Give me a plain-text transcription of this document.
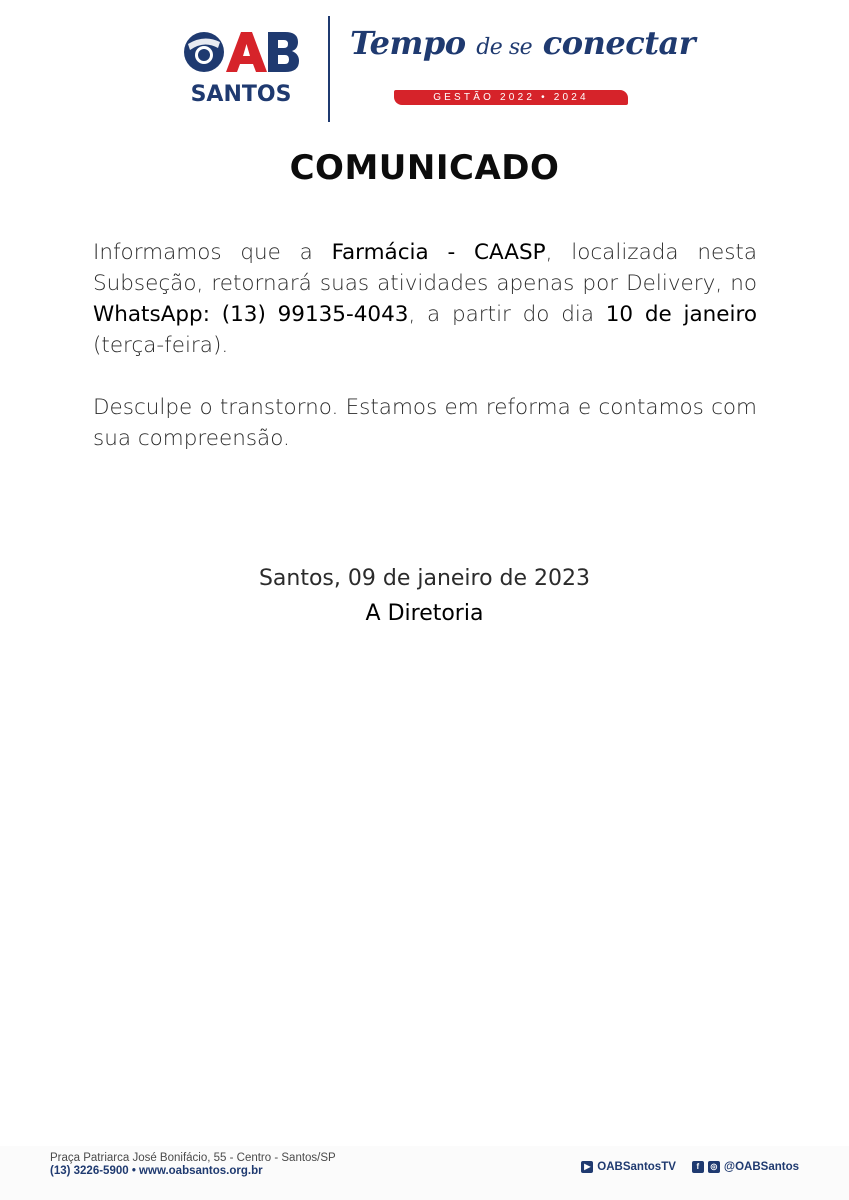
SANTOS
Tempo de se conectar
GESTÃO 2022 • 2024
COMUNICADO
Informamos que a Farmácia - CAASP, localizada nesta Subseção, retornará suas atividades apenas por Delivery, no WhatsApp: (13) 99135-4043, a partir do dia 10 de janeiro (terça-feira).
Desculpe o transtorno. Estamos em reforma e contamos com sua compreensão.
Santos, 09 de janeiro de 2023
A Diretoria
Praça Patriarca José Bonifácio, 55 - Centro - Santos/SP
(13) 3226-5900 • www.oabsantos.org.br	▶ OABSantosTV	f	◎ @OABSantos
